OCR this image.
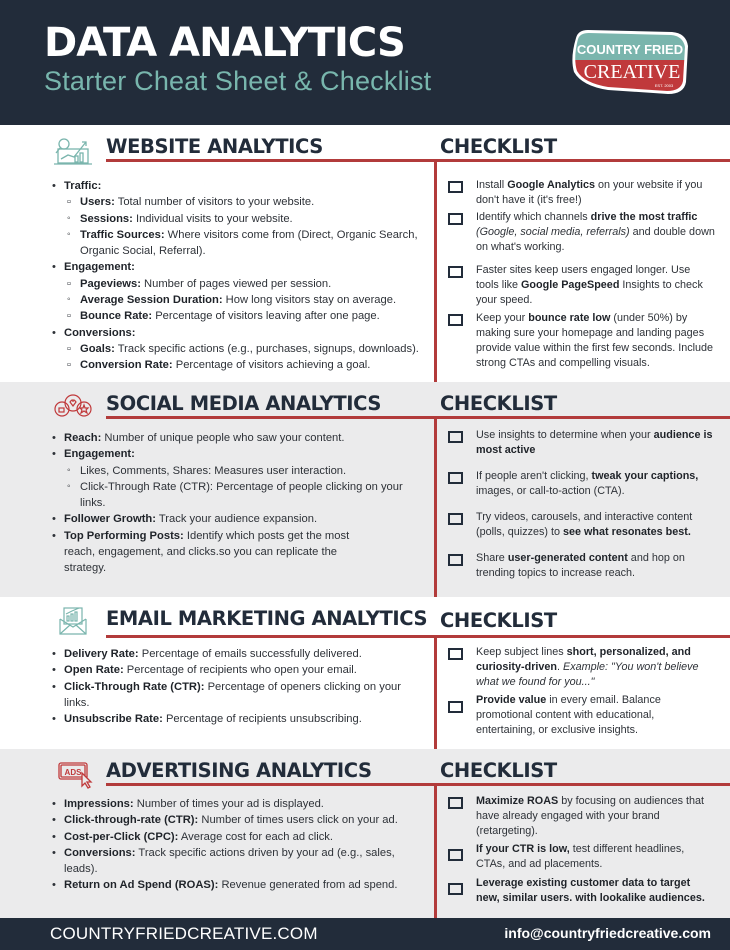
DATA ANALYTICS
Starter Cheat Sheet & Checklist
COUNTRY FRIED
CREATIVE
EST. 2003
WEBSITE ANALYTICS	CHECKLIST
• Traffic:
▫ Users: Total number of visitors to your website.
◦ Sessions: Individual visits to your website.
◦ Traffic Sources: Where visitors come from (Direct, Organic Search, Organic Social, Referral).
• Engagement:
▫ Pageviews: Number of pages viewed per session.
◦ Average Session Duration: How long visitors stay on average.
▫ Bounce Rate: Percentage of visitors leaving after one page.
• Conversions:
▫ Goals: Track specific actions (e.g., purchases, signups, downloads).
▫ Conversion Rate: Percentage of visitors achieving a goal.
Install Google Analytics on your website if you don't have it (it's free!)
Identify which channels drive the most traffic (Google, social media, referrals) and double down on what's working.
Faster sites keep users engaged longer. Use tools like Google PageSpeed Insights to check your speed.
Keep your bounce rate low (under 50%) by making sure your homepage and landing pages provide value within the first few seconds. Include strong CTAs and compelling visuals.
SOCIAL MEDIA ANALYTICS	CHECKLIST
• Reach: Number of unique people who saw your content.
• Engagement:
◦ Likes, Comments, Shares: Measures user interaction.
◦ Click-Through Rate (CTR): Percentage of people clicking on your links.
• Follower Growth: Track your audience expansion.
• Top Performing Posts: Identify which posts get the most reach, engagement, and clicks.so you can replicate the strategy.
Use insights to determine when your audience is most active
If people aren't clicking, tweak your captions, images, or call-to-action (CTA).
Try videos, carousels, and interactive content (polls, quizzes) to see what resonates best.
Share user-generated content and hop on trending topics to increase reach.
EMAIL MARKETING ANALYTICS CHECKLIST
• Delivery Rate: Percentage of emails successfully delivered.
• Open Rate: Percentage of recipients who open your email.
• Click-Through Rate (CTR): Percentage of openers clicking on your links.
• Unsubscribe Rate: Percentage of recipients unsubscribing.
Keep subject lines short, personalized, and curiosity-driven. Example: "You won't believe what we found for you..."
Provide value in every email. Balance promotional content with educational, entertaining, or exclusive insights.
ADS ADVERTISING ANALYTICS	CHECKLIST
• Impressions: Number of times your ad is displayed.
• Click-through-rate (CTR): Number of times users click on your ad.
• Cost-per-Click (CPC): Average cost for each ad click.
• Conversions: Track specific actions driven by your ad (e.g., sales, leads).
• Return on Ad Spend (ROAS): Revenue generated from ad spend.
Maximize ROAS by focusing on audiences that have already engaged with your brand (retargeting).
If your CTR is low, test different headlines, CTAs, and ad placements.
Leverage existing customer data to target new, similar users. with lookalike audiences.
COUNTRYFRIEDCREATIVE.COM	info@countryfriedcreative.com
